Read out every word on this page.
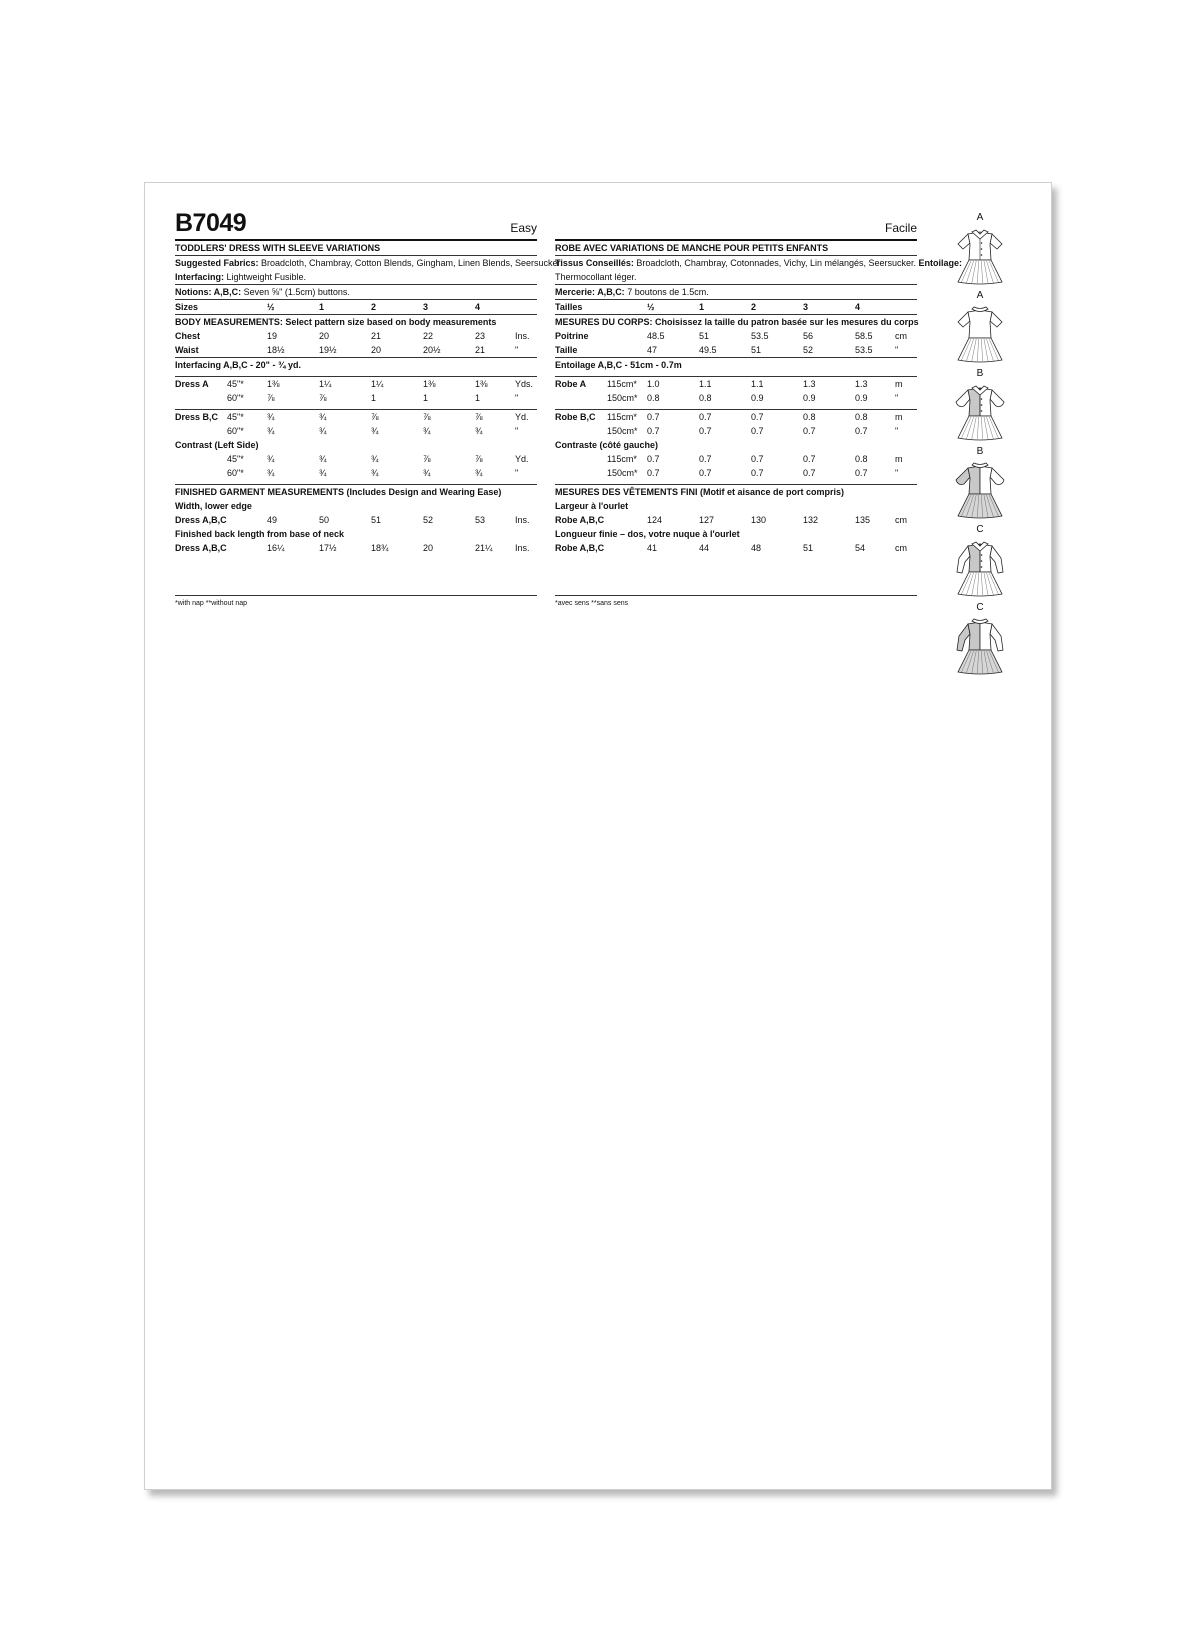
B7049	Easy
TODDLERS' DRESS WITH SLEEVE VARIATIONS
Suggested Fabrics: Broadcloth, Chambray, Cotton Blends, Gingham, Linen Blends, Seersucker.
Interfacing: Lightweight Fusible.
Notions: A,B,C: Seven ⅝" (1.5cm) buttons.
Sizes	½	1	2	3	4
BODY MEASUREMENTS: Select pattern size based on body measurements
Chest	19	20	21	22	23	Ins.
Waist	18½	19½	20	20½	21	"
Interfacing A,B,C - 20" - ¾ yd.
Dress A 45"*	1⅜	1¼	1¼	1⅜	1⅜	Yds.
60"*	⅞	⅞	1	1	1	"
Dress B,C 45"*	¾	¾	⅞	⅞	⅞	Yd.
60"*	¾	¾	¾	¾	¾	"
Contrast (Left Side)
45"*	¾	¾	¾	⅞	⅞	Yd.
60"*	¾	¾	¾	¾	¾	"
FINISHED GARMENT MEASUREMENTS (Includes Design and Wearing Ease)
Width, lower edge
Dress A,B,C	49	50	51	52	53	Ins.
Finished back length from base of neck
Dress A,B,C	16¼	17½	18¾	20	21¼ Ins.
*with nap **without nap
Facile
ROBE AVEC VARIATIONS DE MANCHE POUR PETITS ENFANTS
Tissus Conseillés: Broadcloth, Chambray, Cotonnades, Vichy, Lin mélangés, Seersucker. Entoilage:
Thermocollant léger.
Mercerie: A,B,C: 7 boutons de 1.5cm.
Tailles	½	1	2	3	4
MESURES DU CORPS: Choisissez la taille du patron basée sur les mesures du corps
Poitrine	48.5	51	53.5	56	58.5 cm
Taille	47	49.5	51	52	53.5 "
Entoilage A,B,C - 51cm - 0.7m
Robe A 115cm* 1.0	1.1	1.1	1.3	1.3	m
150cm* 0.8	0.8	0.9	0.9	0.9	"
Robe B,C 115cm* 0.7	0.7	0.7	0.8	0.8	m
150cm* 0.7	0.7	0.7	0.7	0.7	"
Contraste (côté gauche)
115cm* 0.7	0.7	0.7	0.7	0.8	m
150cm* 0.7	0.7	0.7	0.7	0.7	"
MESURES DES VÊTEMENTS FINI (Motif et aisance de port compris)
Largeur à l'ourlet
Robe A,B,C	124	127	130	132	135	cm
Longueur finie – dos, votre nuque à l'ourlet
Robe A,B,C	41	44	48	51	54	cm
*avec sens **sans sens
A
A
B
B
C
C
